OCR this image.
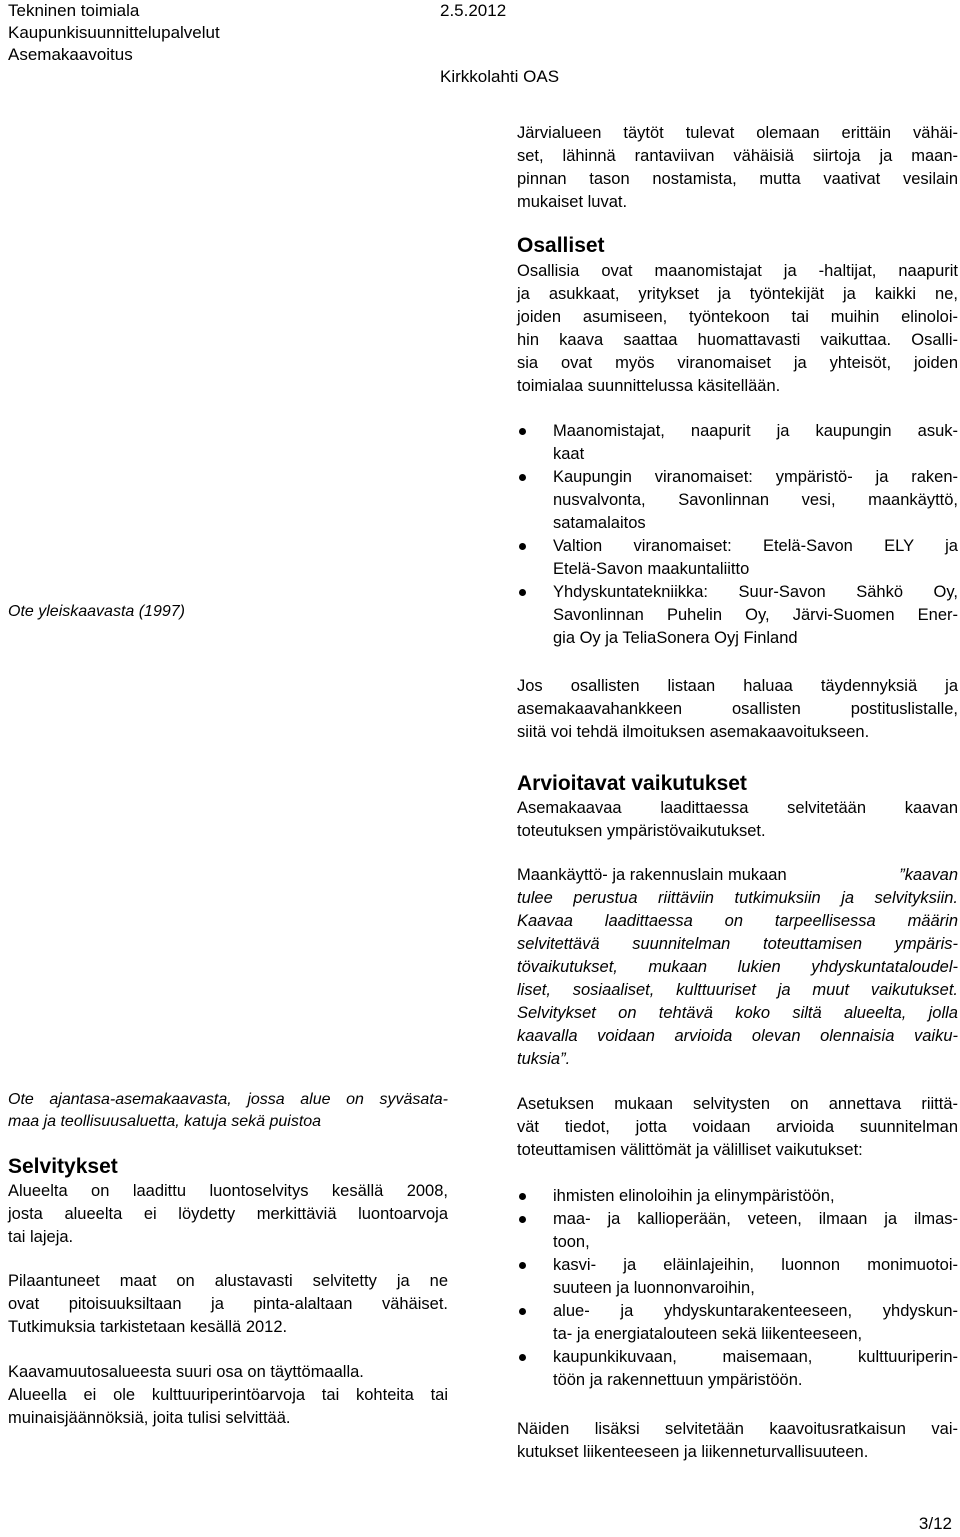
Tekninen toimiala
Kaupunkisuunnittelupalvelut
Asemakaavoitus
2.5.2012
Kirkkolahti OAS
Järvialueen täytöt tulevat olemaan erittäin vähäi-
set, lähinnä rantaviivan vähäisiä siirtoja ja maan-
pinnan tason nostamista, mutta vaativat vesilain
mukaiset luvat.
Osalliset
Osallisia ovat maanomistajat ja -haltijat, naapurit
ja asukkaat, yritykset ja työntekijät ja kaikki ne,
joiden asumiseen, työntekoon tai muihin elinoloi-
hin kaava saattaa huomattavasti vaikuttaa. Osalli-
sia ovat myös viranomaiset ja yhteisöt, joiden
toimialaa suunnittelussa käsitellään.
Maanomistajat, naapurit ja kaupungin asuk-
kaat
Kaupungin viranomaiset: ympäristö- ja raken-
nusvalvonta, Savonlinnan vesi, maankäyttö,
satamalaitos
Valtion viranomaiset: Etelä-Savon ELY ja
Etelä-Savon maakuntaliitto
Yhdyskuntatekniikka: Suur-Savon Sähkö Oy,
Savonlinnan Puhelin Oy, Järvi-Suomen Ener-
gia Oy ja TeliaSonera Oyj Finland
Jos osallisten listaan haluaa täydennyksiä ja
asemakaavahankkeen osallisten postituslistalle,
siitä voi tehdä ilmoituksen asemakaavoitukseen.
Ote yleiskaavasta (1997)
Arvioitavat vaikutukset
Asemakaavaa laadittaessa selvitetään kaavan
toteutuksen ympäristövaikutukset.
Maankäyttö- ja rakennuslain mukaan	”kaavan
tulee perustua riittäviin tutkimuksiin ja selvityksiin.
Kaavaa laadittaessa on tarpeellisessa määrin
selvitettävä suunnitelman toteuttamisen ympäris-
tövaikutukset, mukaan lukien yhdyskuntataloudel-
liset, sosiaaliset, kulttuuriset ja muut vaikutukset.
Selvitykset on tehtävä koko siltä alueelta, jolla
kaavalla voidaan arvioida olevan olennaisia vaiku-
tuksia”.
Asetuksen mukaan selvitysten on annettava riittä-
vät tiedot, jotta voidaan arvioida suunnitelman
toteuttamisen välittömät ja välilliset vaikutukset:
ihmisten elinoloihin ja elinympäristöön,
maa- ja kallioperään, veteen, ilmaan ja ilmas-
toon,
kasvi- ja eläinlajeihin, luonnon monimuotoi-
suuteen ja luonnonvaroihin,
alue- ja yhdyskuntarakenteeseen, yhdyskun-
ta- ja energiatalouteen sekä liikenteeseen,
kaupunkikuvaan, maisemaan, kulttuuriperin-
töön ja rakennettuun ympäristöön.
Näiden lisäksi selvitetään kaavoitusratkaisun vai-
kutukset liikenteeseen ja liikenneturvallisuuteen.
Ote ajantasa-asemakaavasta, jossa alue on syväsata-
maa ja teollisuusaluetta, katuja sekä puistoa
Selvitykset
Alueelta on laadittu luontoselvitys kesällä 2008,
josta alueelta ei löydetty merkittäviä luontoarvoja
tai lajeja.
Pilaantuneet maat on alustavasti selvitetty ja ne
ovat pitoisuuksiltaan ja pinta-alaltaan vähäiset.
Tutkimuksia tarkistetaan kesällä 2012.
Kaavamuutosalueesta suuri osa on täyttömaalla.
Alueella ei ole kulttuuriperintöarvoja tai kohteita tai
muinaisjäännöksiä, joita tulisi selvittää.
3/12
